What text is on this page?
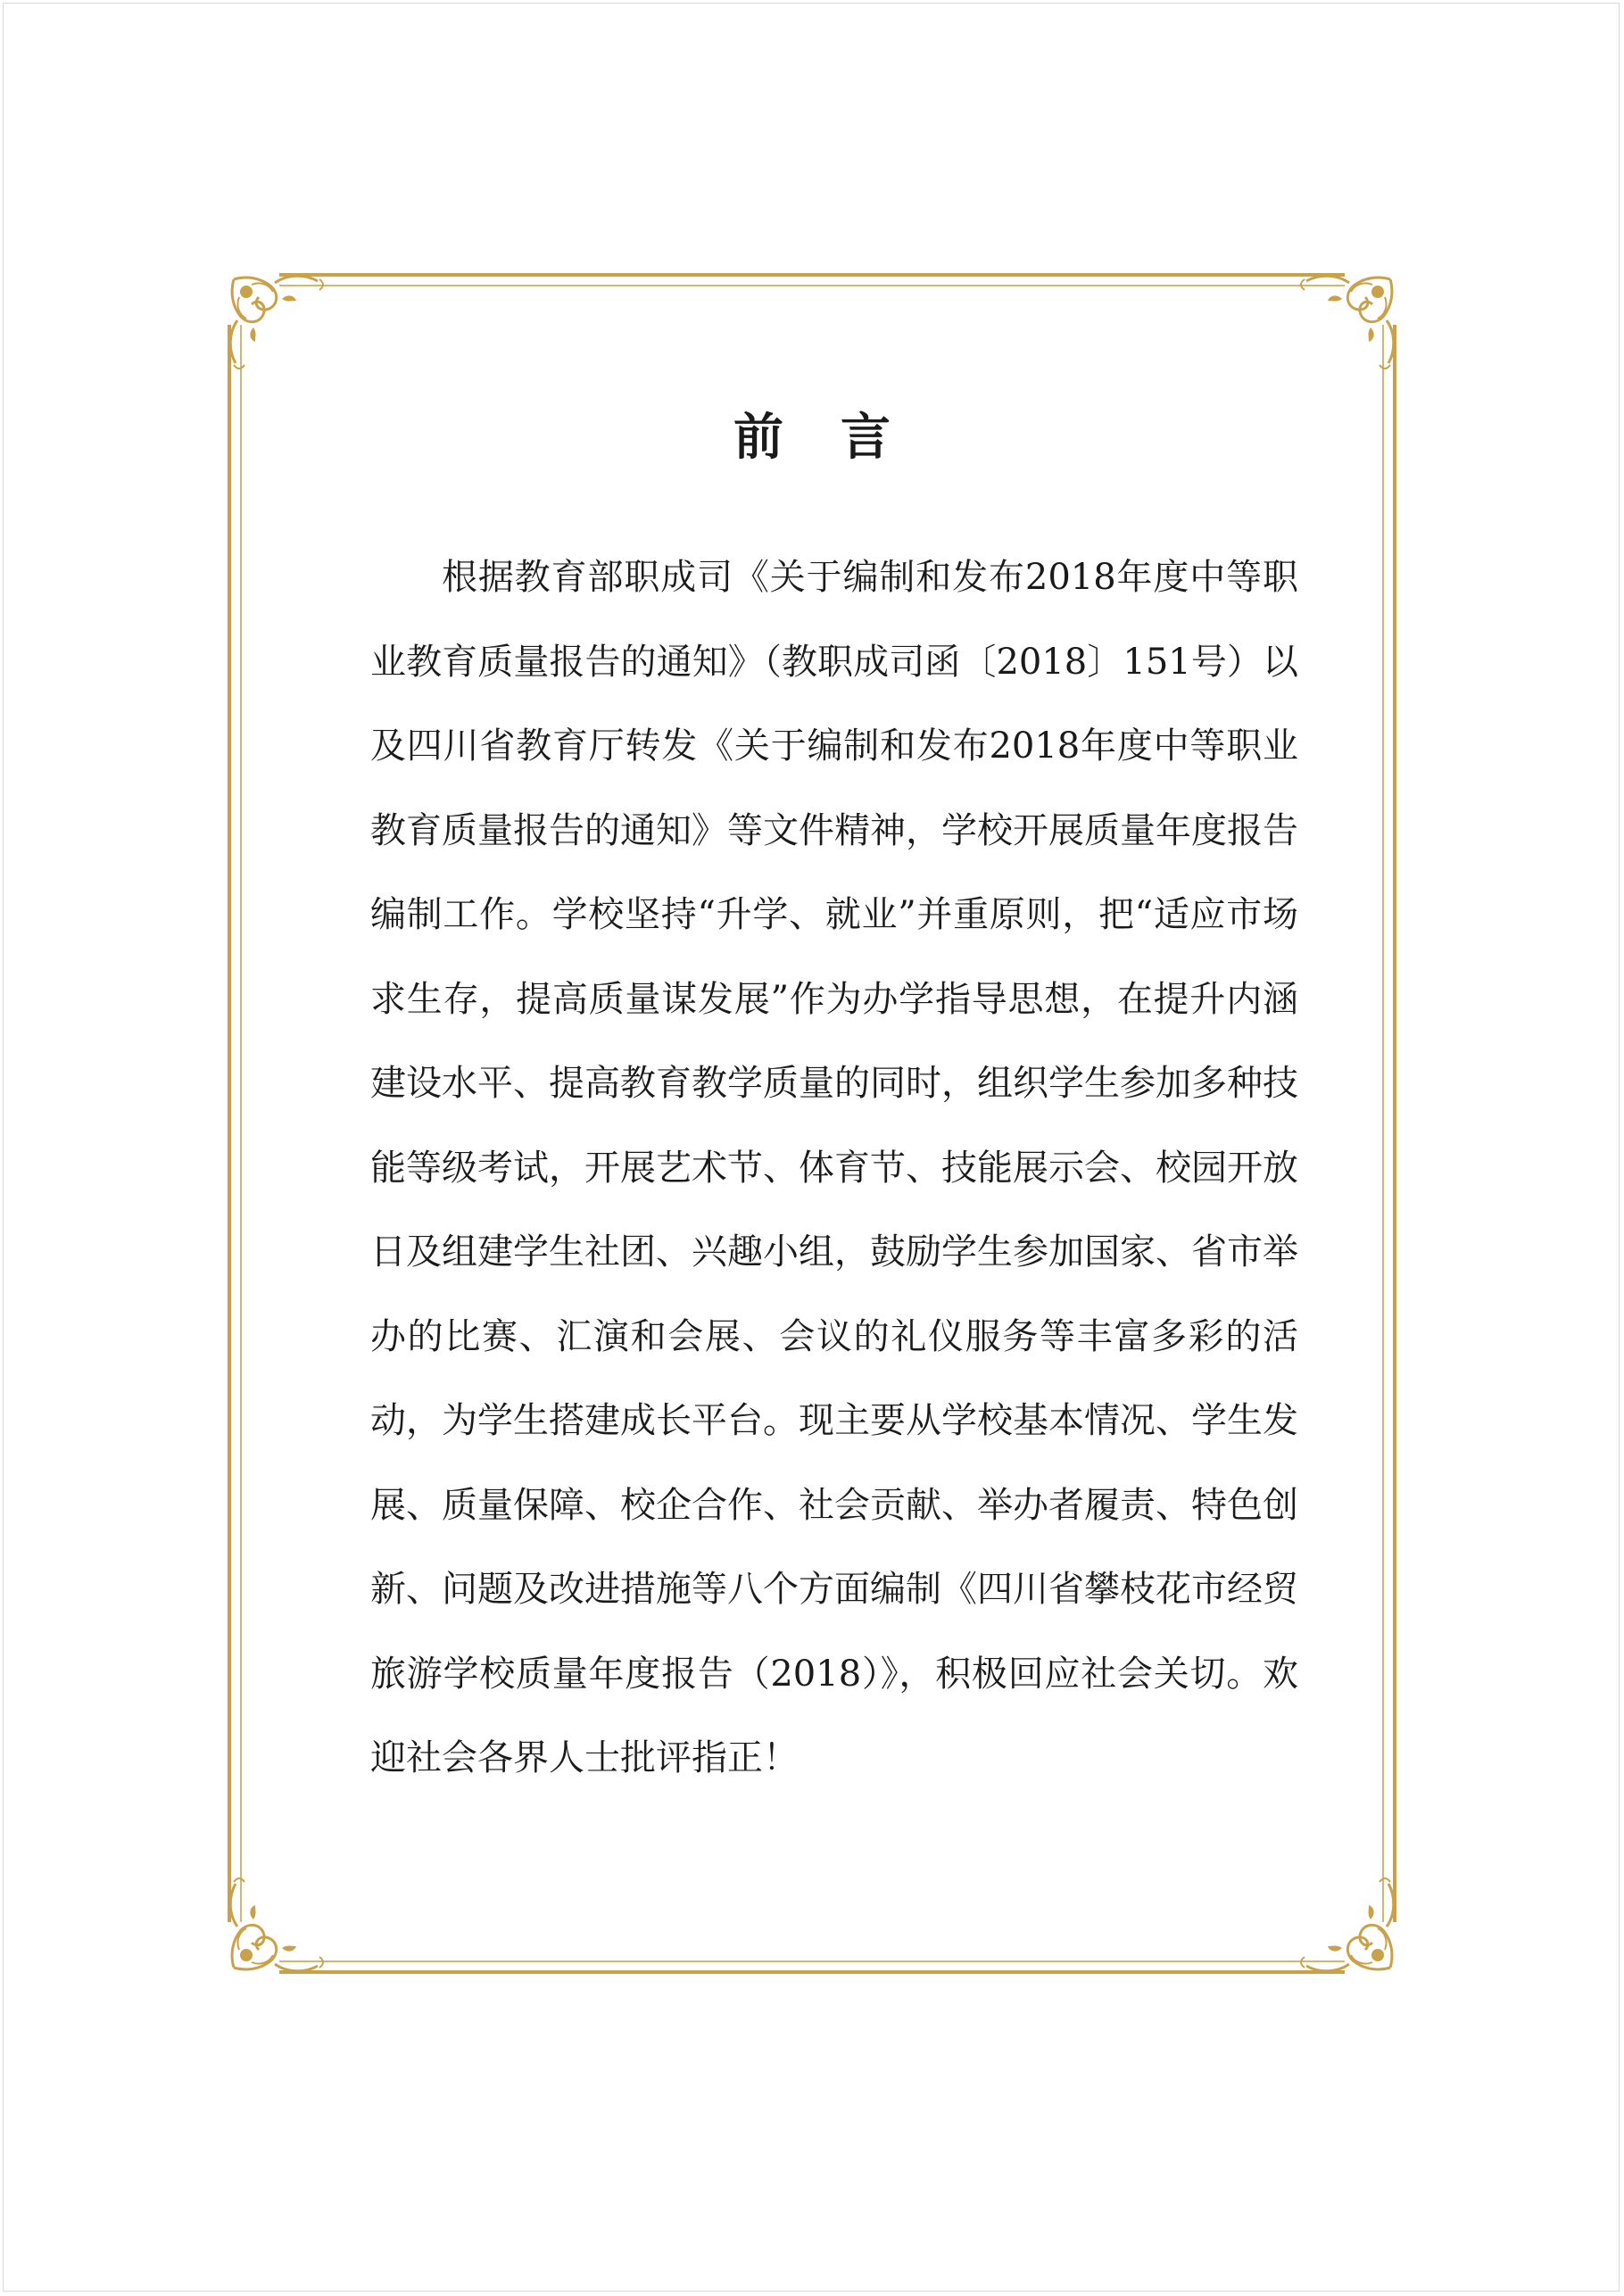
前言

根据教育部职成司《关于编制和发布2018年度中等职业教育质量报告的通知》（教职成司函〔2018〕151号）以及四川省教育厅转发《关于编制和发布2018年度中等职业教育质量报告的通知》等文件精神，学校开展质量年度报告编制工作。学校坚持“升学、就业”并重原则，把“适应市场求生存，提高质量谋发展”作为办学指导思想，在提升内涵建设水平、提高教育教学质量的同时，组织学生参加多种技能等级考试，开展艺术节、体育节、技能展示会、校园开放日及组建学生社团、兴趣小组，鼓励学生参加国家、省市举办的比赛、汇演和会展、会议的礼仪服务等丰富多彩的活动，为学生搭建成长平台。现主要从学校基本情况、学生发展、质量保障、校企合作、社会贡献、举办者履责、特色创新、问题及改进措施等八个方面编制《四川省攀枝花市经贸旅游学校质量年度报告（2018）》，积极回应社会关切。欢迎社会各界人士批评指正！
